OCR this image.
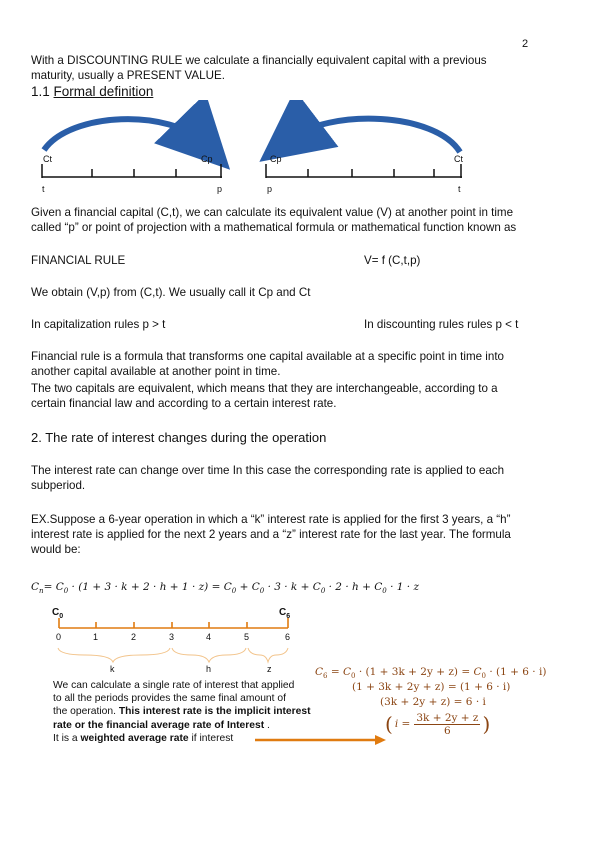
2
With a DISCOUNTING RULE we calculate a financially equivalent capital with a previous maturity, usually a PRESENT VALUE.
1.1 Formal definition
Ct	Cp
t	p
Cp	Ct
p	t
Given a financial capital (C,t), we can calculate its equivalent value (V) at another point in time called “p” or point of projection with a mathematical formula or mathematical function known as
FINANCIAL RULE	V= f (C,t,p)
We obtain (V,p) from (C,t). We usually call it Cp and Ct
In capitalization rules p > t	In discounting rules rules p < t
Financial rule is a formula that transforms one capital available at a specific point in time into another capital available at another point in time.
The two capitals are equivalent, which means that they are interchangeable, according to a certain financial law and according to a certain interest rate.
2. The rate of interest changes during the operation
The interest rate can change over time In this case the corresponding rate is applied to each subperiod.
EX.Suppose a 6-year operation in which a “k” interest rate is applied for the first 3 years, a “h” interest rate is applied for the next 2 years and a “z” interest rate for the last year. The formula would be:
$C_n= C_0 \cdot (1 + 3 \cdot k + 2 \cdot h + 1 \cdot z) = C_0 + C_0 \cdot 3 \cdot k + C_0 \cdot 2 \cdot h + C_0 \cdot 1 \cdot z$
$C_0$	$C_6$
0	1	2	3	4	5	6
k	h	z
We can calculate a single rate of interest that applied
to all the periods provides the same final amount of
the operation. This interest rate is the implicit interest
rate or the financial average rate of Interest .
It is a weighted average rate if interest
$C_6 = C_0 \cdot (1 + 3k + 2y + z) = C_0 \cdot (1 + 6 \cdot i)$
(1 + 3k + 2y + z) = (1 + 6 · i)
(3k + 2y + z) = 6 · i
( $i = \frac{3k + 2y + z}{6}$ )
